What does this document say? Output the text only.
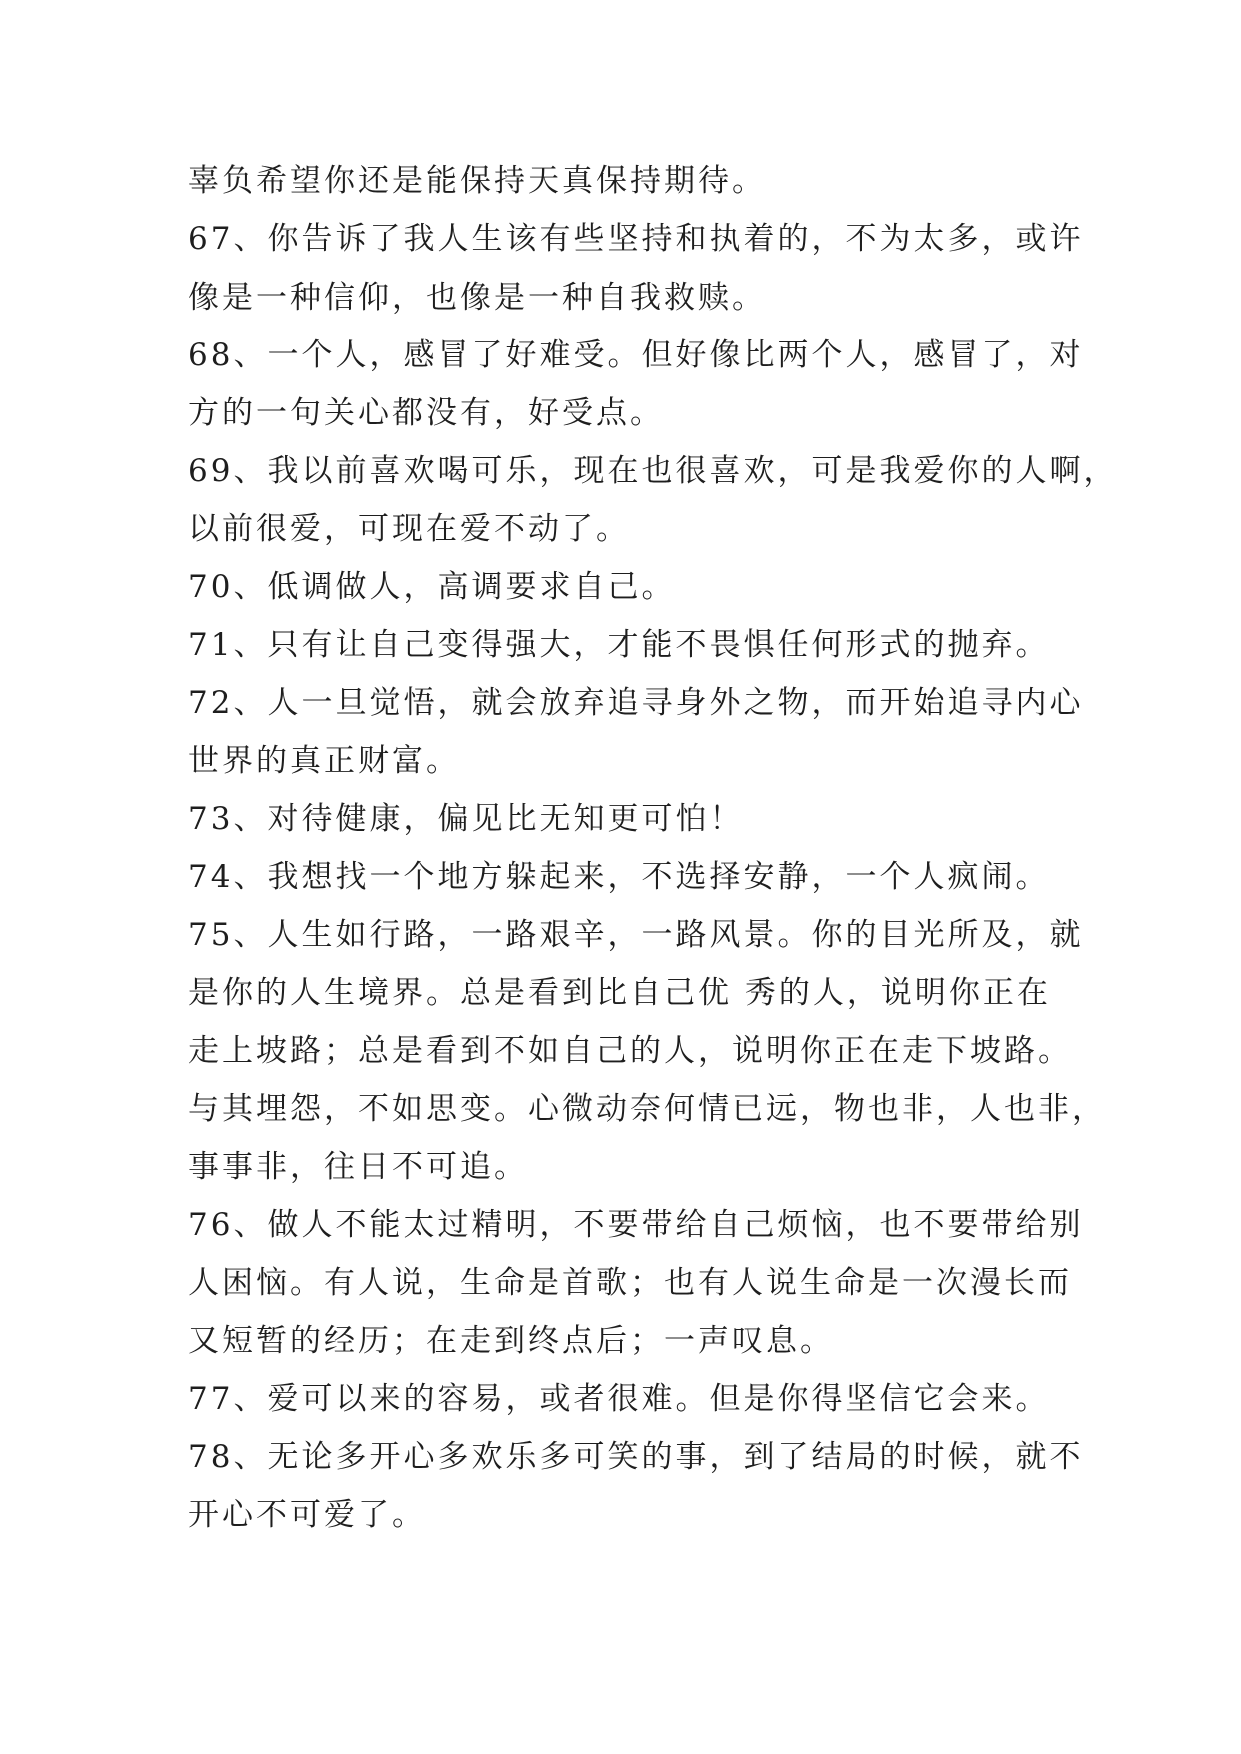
辜负希望你还是能保持天真保持期待。
67、你告诉了我人生该有些坚持和执着的，不为太多，或许
像是一种信仰，也像是一种自我救赎。
68、一个人，感冒了好难受。但好像比两个人，感冒了，对
方的一句关心都没有，好受点。
69、我以前喜欢喝可乐，现在也很喜欢，可是我爱你的人啊，
以前很爱，可现在爱不动了。
70、低调做人，高调要求自己。
71、只有让自己变得强大，才能不畏惧任何形式的抛弃。
72、人一旦觉悟，就会放弃追寻身外之物，而开始追寻内心
世界的真正财富。
73、对待健康，偏见比无知更可怕！
74、我想找一个地方躲起来，不选择安静，一个人疯闹。
75、人生如行路，一路艰辛，一路风景。你的目光所及，就
是你的人生境界。总是看到比自己优 秀的人，说明你正在
走上坡路；总是看到不如自己的人，说明你正在走下坡路。
与其埋怨，不如思变。心微动奈何情已远，物也非，人也非，
事事非，往日不可追。
76、做人不能太过精明，不要带给自己烦恼，也不要带给别
人困恼。有人说，生命是首歌；也有人说生命是一次漫长而
又短暂的经历；在走到终点后；一声叹息。
77、爱可以来的容易，或者很难。但是你得坚信它会来。
78、无论多开心多欢乐多可笑的事，到了结局的时候，就不
开心不可爱了。
